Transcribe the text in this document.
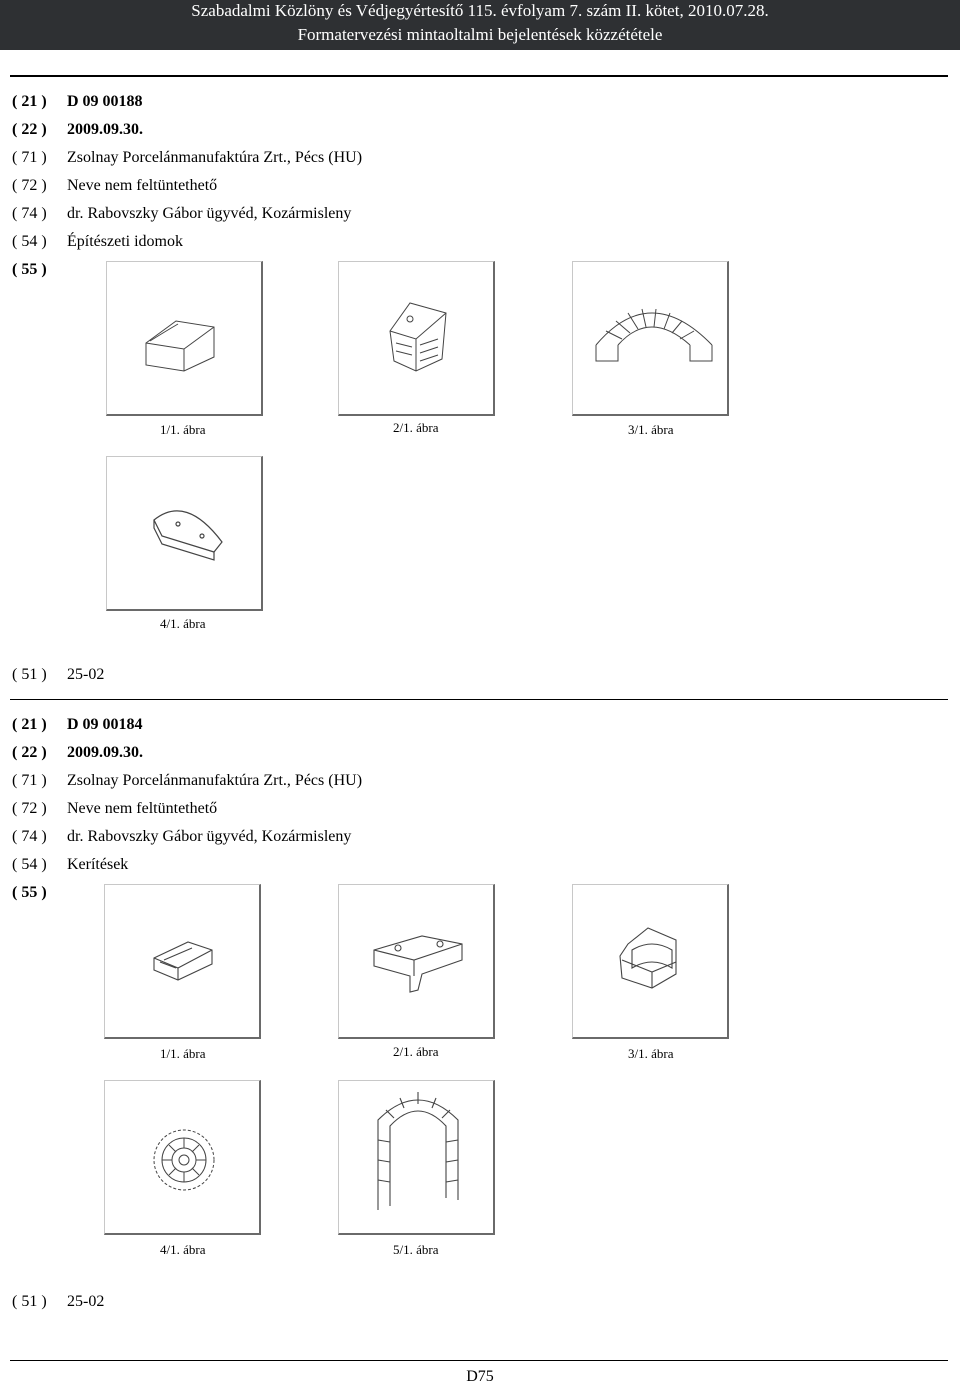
Szabadalmi Közlöny és Védjegyértesítő 115. évfolyam 7. szám II. kötet, 2010.07.28.
Formatervezési mintaoltalmi bejelentések közzététele
( 21 )	D 09 00188
( 22 )	2009.09.30.
( 71 )	Zsolnay Porcelánmanufaktúra Zrt., Pécs (HU)
( 72 )	Neve nem feltüntethető
( 74 )	dr. Rabovszky Gábor ügyvéd, Kozármisleny
( 54 )	Építészeti idomok
( 55 )
1/1. ábra	2/1. ábra	3/1. ábra
4/1. ábra
( 51 )	25-02
( 21 )	D 09 00184
( 22 )	2009.09.30.
( 71 )	Zsolnay Porcelánmanufaktúra Zrt., Pécs (HU)
( 72 )	Neve nem feltüntethető
( 74 )	dr. Rabovszky Gábor ügyvéd, Kozármisleny
( 54 )	Kerítések
( 55 )
1/1. ábra	2/1. ábra	3/1. ábra
4/1. ábra	5/1. ábra
( 51 )	25-02
D75
